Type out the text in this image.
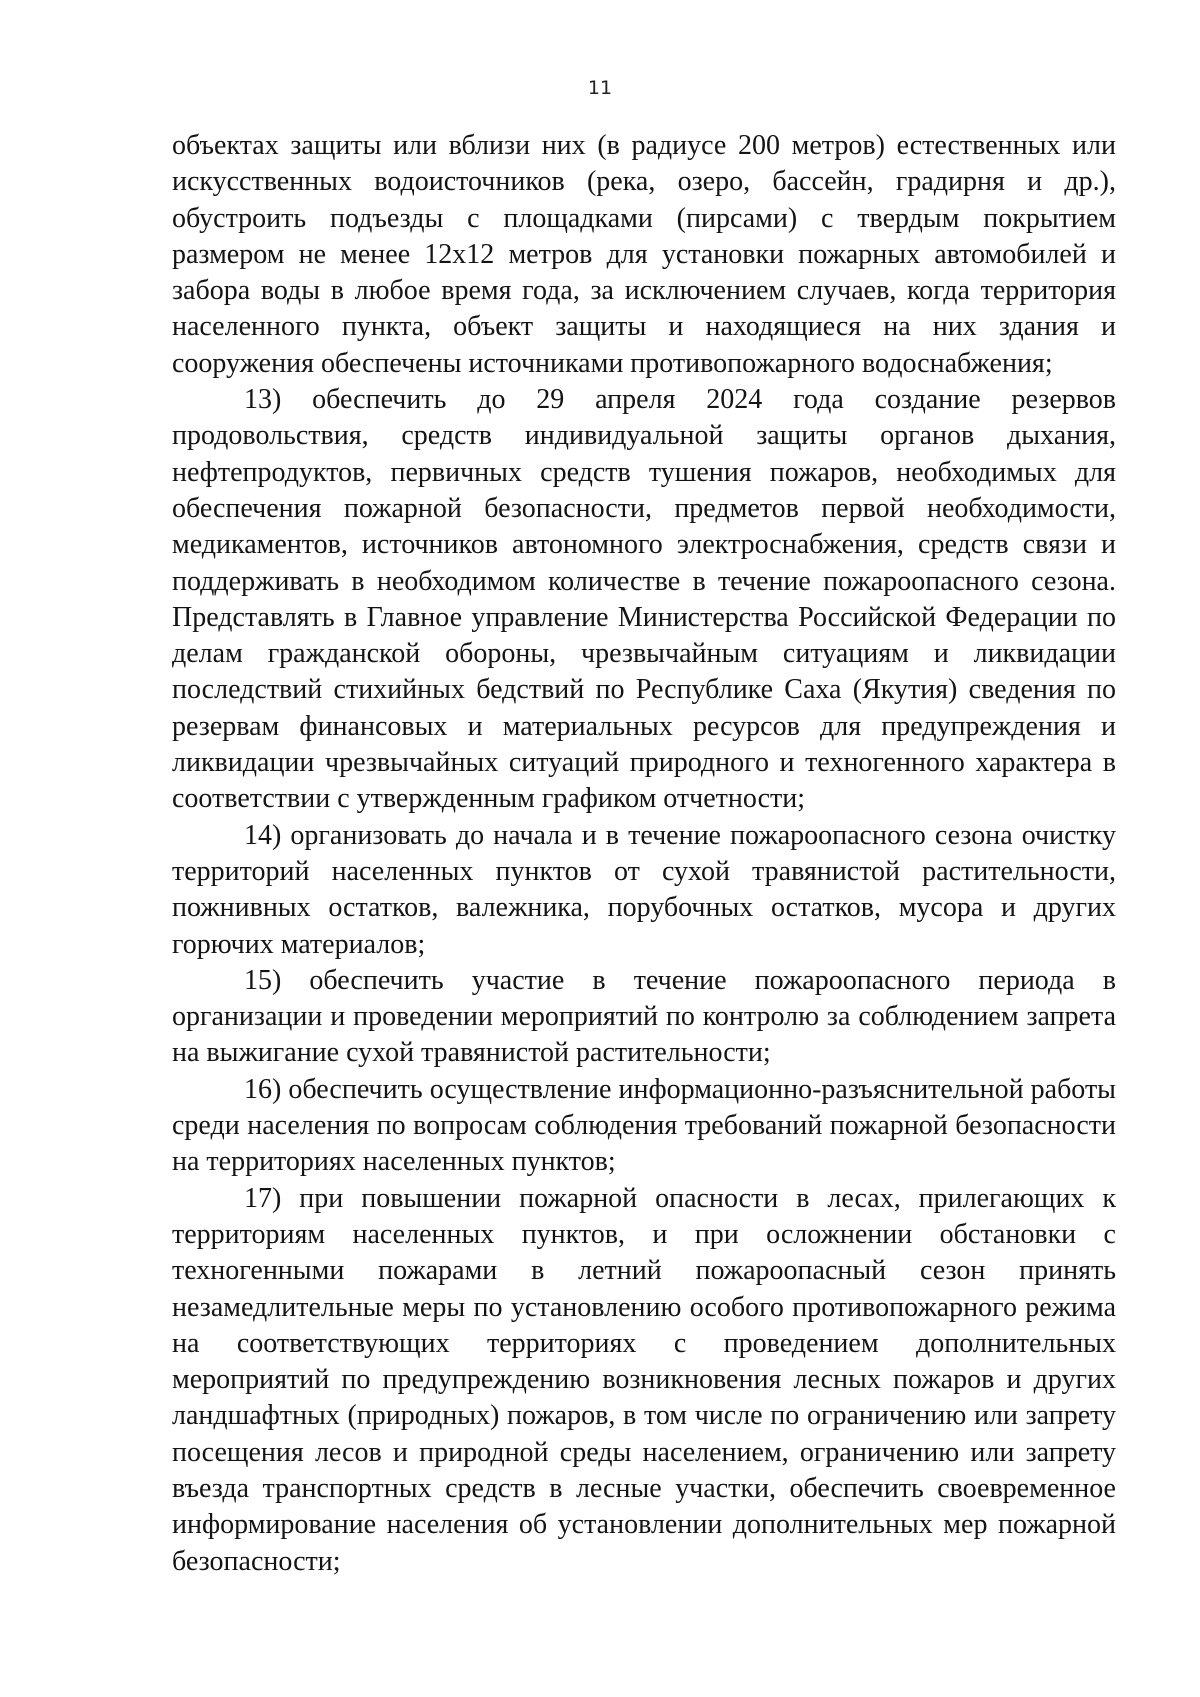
11

объектах защиты или вблизи них (в радиусе 200 метров) естественных или искусственных водоисточников (река, озеро, бассейн, градирня и др.), обустроить подъезды с площадками (пирсами) с твердым покрытием размером не менее 12х12 метров для установки пожарных автомобилей и забора воды в любое время года, за исключением случаев, когда территория населенного пункта, объект защиты и находящиеся на них здания и сооружения обеспечены источниками противопожарного водоснабжения;

13) обеспечить до 29 апреля 2024 года создание резервов продовольствия, средств индивидуальной защиты органов дыхания, нефтепродуктов, первичных средств тушения пожаров, необходимых для обеспечения пожарной безопасности, предметов первой необходимости, медикаментов, источников автономного электроснабжения, средств связи и поддерживать в необходимом количестве в течение пожароопасного сезона. Представлять в Главное управление Министерства Российской Федерации по делам гражданской обороны, чрезвычайным ситуациям и ликвидации последствий стихийных бедствий по Республике Саха (Якутия) сведения по резервам финансовых и материальных ресурсов для предупреждения и ликвидации чрезвычайных ситуаций природного и техногенного характера в соответствии с утвержденным графиком отчетности;

14) организовать до начала и в течение пожароопасного сезона очистку территорий населенных пунктов от сухой травянистой растительности, пожнивных остатков, валежника, порубочных остатков, мусора и других горючих материалов;

15) обеспечить участие в течение пожароопасного периода в организации и проведении мероприятий по контролю за соблюдением запрета на выжигание сухой травянистой растительности;

16) обеспечить осуществление информационно-разъяснительной работы среди населения по вопросам соблюдения требований пожарной безопасности на территориях населенных пунктов;

17) при повышении пожарной опасности в лесах, прилегающих к территориям населенных пунктов, и при осложнении обстановки с техногенными пожарами в летний пожароопасный сезон принять незамедлительные меры по установлению особого противопожарного режима на соответствующих территориях с проведением дополнительных мероприятий по предупреждению возникновения лесных пожаров и других ландшафтных (природных) пожаров, в том числе по ограничению или запрету посещения лесов и природной среды населением, ограничению или запрету въезда транспортных средств в лесные участки, обеспечить своевременное информирование населения об установлении дополнительных мер пожарной безопасности;
